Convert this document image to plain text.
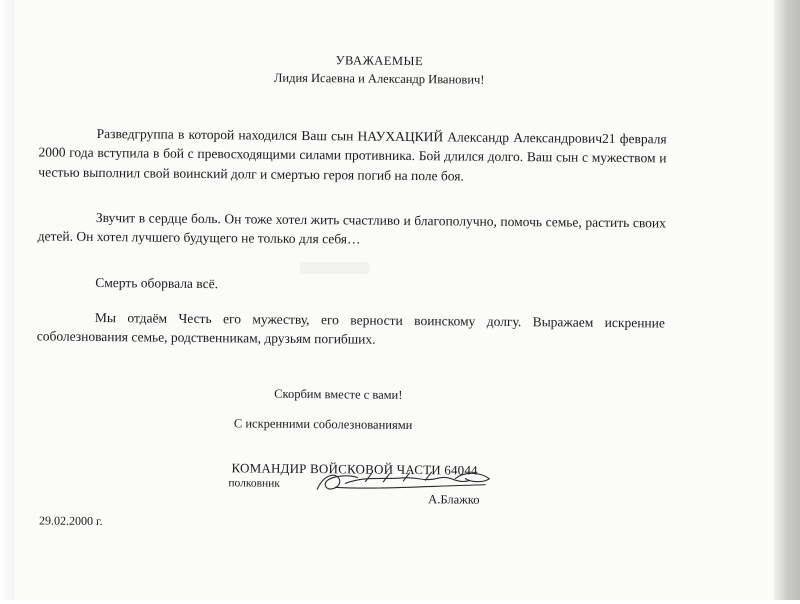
УВАЖАЕМЫЕ
Лидия Исаевна и Александр Иванович!
Разведгруппа в которой находился Ваш сын НАУХАЦКИЙ Александр Александрович21 февраля 2000 года вступила в бой с превосходящими силами противника. Бой длился долго. Ваш сын с мужеством и честью выполнил свой воинский долг и смертью героя погиб на поле боя.
Звучит в сердце боль. Он тоже хотел жить счастливо и благополучно, помочь семье, растить своих детей. Он хотел лучшего будущего не только для себя…
Смерть оборвала всё.
Мы отдаём Честь его мужеству, его верности воинскому долгу. Выражаем искренние соболезнования семье, родственникам, друзьям погибших.
Скорбим вместе с вами!
С искренними соболезнованиями
КОМАНДИР ВОЙСКОВОЙ ЧАСТИ 64044
полковник
А.Блажко
29.02.2000 г.
